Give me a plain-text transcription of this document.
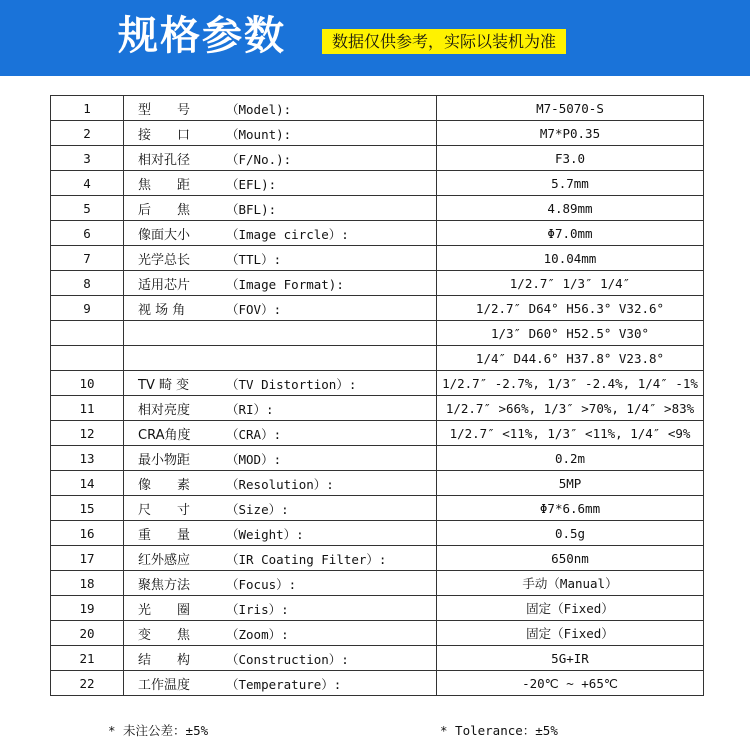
规格参数	数据仅供参考，实际以装机为准
1	型　　号 （Model):	M7-5070-S
2	接　　口 （Mount):	M7*P0.35
3	相对孔径 （F/No.):	F3.0
4	焦　　距 （EFL):	5.7mm
5	后　　焦 （BFL):	4.89mm
6	像面大小 （Image circle）:	Φ7.0mm
7	光学总长 （TTL）:	10.04mm
8	适用芯片 （Image Format):	1/2.7″ 1/3″ 1/4″
9	视 场 角 （FOV）:	1/2.7″ D64° H56.3° V32.6°
		1/3″ D60° H52.5° V30°
		1/4″ D44.6° H37.8° V23.8°
10	TV 畸 变 （TV Distortion）:	1/2.7″ -2.7%, 1/3″ -2.4%, 1/4″ -1%
11	相对亮度 （RI）:	1/2.7″ >66%, 1/3″ >70%, 1/4″ >83%
12	CRA角度 （CRA）:	1/2.7″ <11%, 1/3″ <11%, 1/4″ <9%
13	最小物距 （MOD）:	0.2m
14	像　　素 （Resolution）:	5MP
15	尺　　寸 （Size）:	Φ7*6.6mm
16	重　　量 （Weight）:	0.5g
17	红外感应 （IR Coating Filter）:	650nm
18	聚焦方法 （Focus）:	手动（Manual）
19	光　　圈 （Iris）:	固定（Fixed）
20	变　　焦 （Zoom）:	固定（Fixed）
21	结　　构 （Construction）:	5G+IR
22	工作温度 （Temperature）:	-20℃ ~ +65℃
* 未注公差：±5%	* Tolerance：±5%
